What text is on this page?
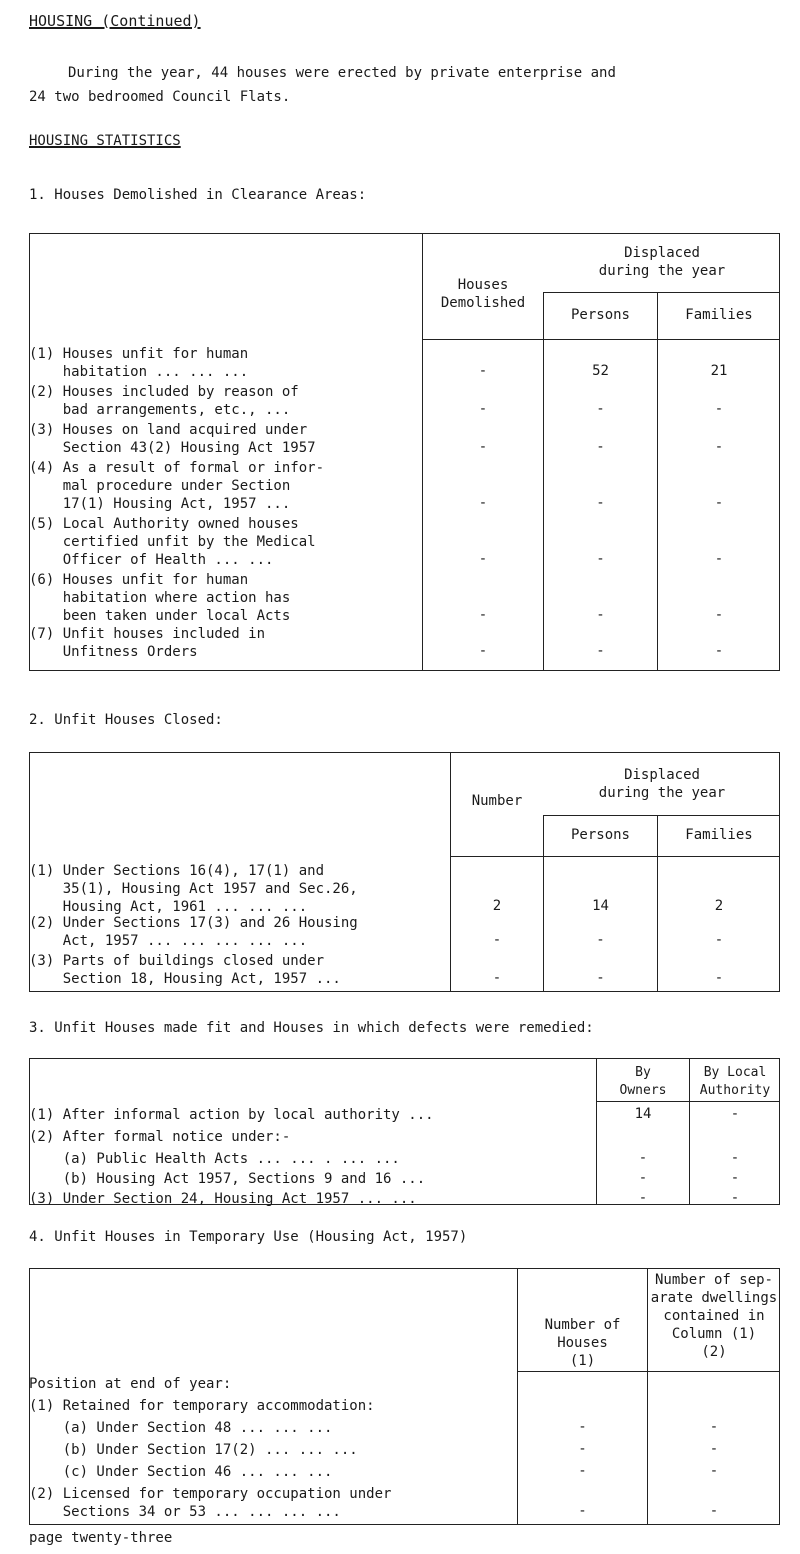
HOUSING (Continued)
During the year, 44 houses were erected by private enterprise and
24 two bedroomed Council Flats.
HOUSING STATISTICS
1. Houses Demolished in Clearance Areas:
Houses
Demolished
Displaced
during the year
Persons	Families
(1) Houses unfit for human
habitation ... ... ...	-	52	21
(2) Houses included by reason of
bad arrangements, etc., ...	-	-	-
(3) Houses on land acquired under
Section 43(2) Housing Act 1957	-	-	-
(4) As a result of formal or infor-
mal procedure under Section
17(1) Housing Act, 1957 ...	-	-	-
(5) Local Authority owned houses
certified unfit by the Medical
Officer of Health ... ...	-	-	-
(6) Houses unfit for human
habitation where action has
been taken under local Acts	-	-	-
(7) Unfit houses included in
Unfitness Orders	-	-	-
2. Unfit Houses Closed:
Number
Displaced
during the year
Persons	Families
(1) Under Sections 16(4), 17(1) and
35(1), Housing Act 1957 and Sec.26,
Housing Act, 1961 ... ... ...	2	14	2
(2) Under Sections 17(3) and 26 Housing
Act, 1957 ... ... ... ... ...	-	-	-
(3) Parts of buildings closed under
Section 18, Housing Act, 1957 ...	-	-	-
3. Unfit Houses made fit and Houses in which defects were remedied:
By
Owners
By Local
Authority
(1) After informal action by local authority ...	14	-
(2) After formal notice under:-
(a) Public Health Acts ... ... . ... ...	-	-
(b) Housing Act 1957, Sections 9 and 16 ...	-	-
(3) Under Section 24, Housing Act 1957 ... ...	-	-
4. Unfit Houses in Temporary Use (Housing Act, 1957)
Number of
Houses
(1)
Number of sep-
arate dwellings
contained in
Column (1)
(2)
Position at end of year:
(1) Retained for temporary accommodation:
(a) Under Section 48 ... ... ...	-	-
(b) Under Section 17(2) ... ... ...	-	-
(c) Under Section 46 ... ... ...	-	-
(2) Licensed for temporary occupation under
Sections 34 or 53 ... ... ... ...	-	-
page twenty-three
